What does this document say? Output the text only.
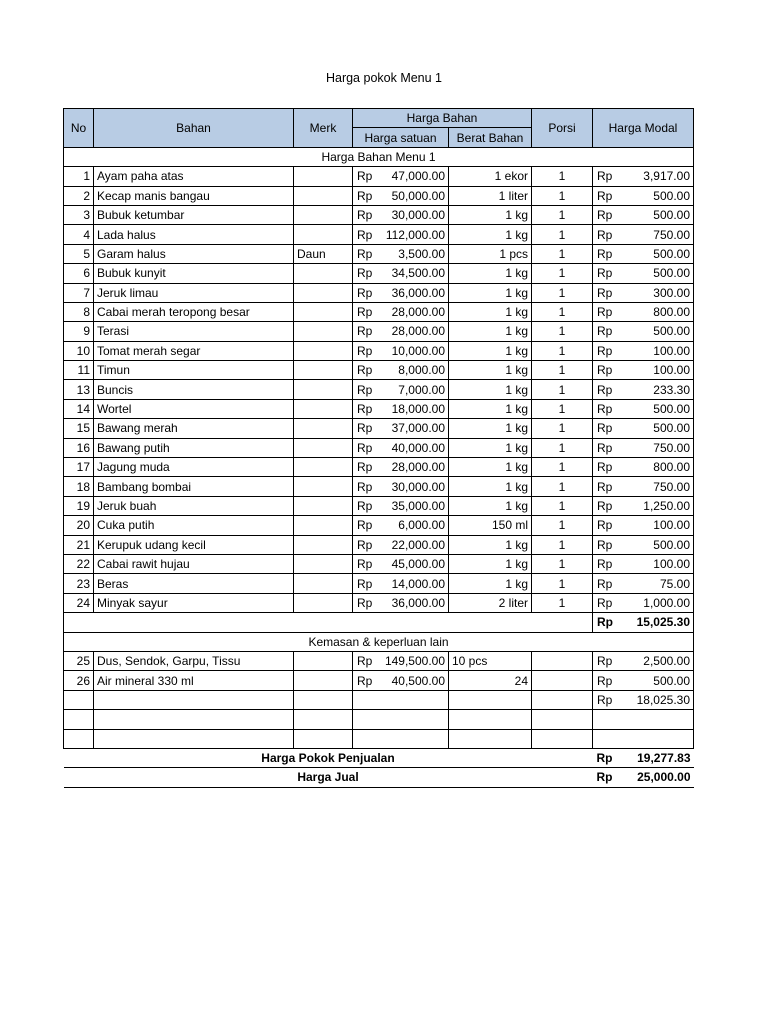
Harga pokok Menu 1
No	Bahan	Merk	Harga Bahan		Porsi	Harga Modal
			Harga satuan	Berat Bahan		
Harga Bahan Menu 1						
1	Ayam paha atas		Rp 47,000.00	1 ekor	1	Rp 3,917.00

2	Kecap manis bangau		Rp 50,000.00	1 liter	1	Rp 500.00

3	Bubuk ketumbar		Rp 30,000.00	1 kg	1	Rp 500.00

4	Lada halus		Rp 112,000.00	1 kg	1	Rp 750.00

5	Garam halus	Daun	Rp 3,500.00	1 pcs	1	Rp 500.00

6	Bubuk kunyit		Rp 34,500.00	1 kg	1	Rp 500.00

7	Jeruk limau		Rp 36,000.00	1 kg	1	Rp 300.00

8	Cabai merah teropong besar		Rp 28,000.00	1 kg	1	Rp 800.00

9	Terasi		Rp 28,000.00	1 kg	1	Rp 500.00

10	Tomat merah segar		Rp 10,000.00	1 kg	1	Rp 100.00

11	Timun		Rp 8,000.00	1 kg	1	Rp 100.00

13	Buncis		Rp 7,000.00	1 kg	1	Rp 233.30

14	Wortel		Rp 18,000.00	1 kg	1	Rp 500.00

15	Bawang merah		Rp 37,000.00	1 kg	1	Rp 500.00

16	Bawang putih		Rp 40,000.00	1 kg	1	Rp 750.00

17	Jagung muda		Rp 28,000.00	1 kg	1	Rp 800.00

18	Bambang bombai		Rp 30,000.00	1 kg	1	Rp 750.00

19	Jeruk buah		Rp 35,000.00	1 kg	1	Rp 1,250.00

20	Cuka putih		Rp 6,000.00	150 ml	1	Rp 100.00

21	Kerupuk udang kecil		Rp 22,000.00	1 kg	1	Rp 500.00

22	Cabai rawit hujau		Rp 45,000.00	1 kg	1	Rp 100.00

23	Beras		Rp 14,000.00	1 kg	1	Rp 75.00

24	Minyak sayur		Rp 36,000.00	2 liter	1	Rp 1,000.00

						Rp 15,025.30

Kemasan & keperluan lain						
25	Dus, Sendok, Garpu, Tissu		Rp 149,500.00	10 pcs		Rp 2,500.00

26	Air mineral 330 ml		Rp 40,500.00	24		Rp 500.00

						Rp 18,025.30

Harga Pokok Penjualan						Rp 19,277.83

Harga Jual						Rp 25,000.00
